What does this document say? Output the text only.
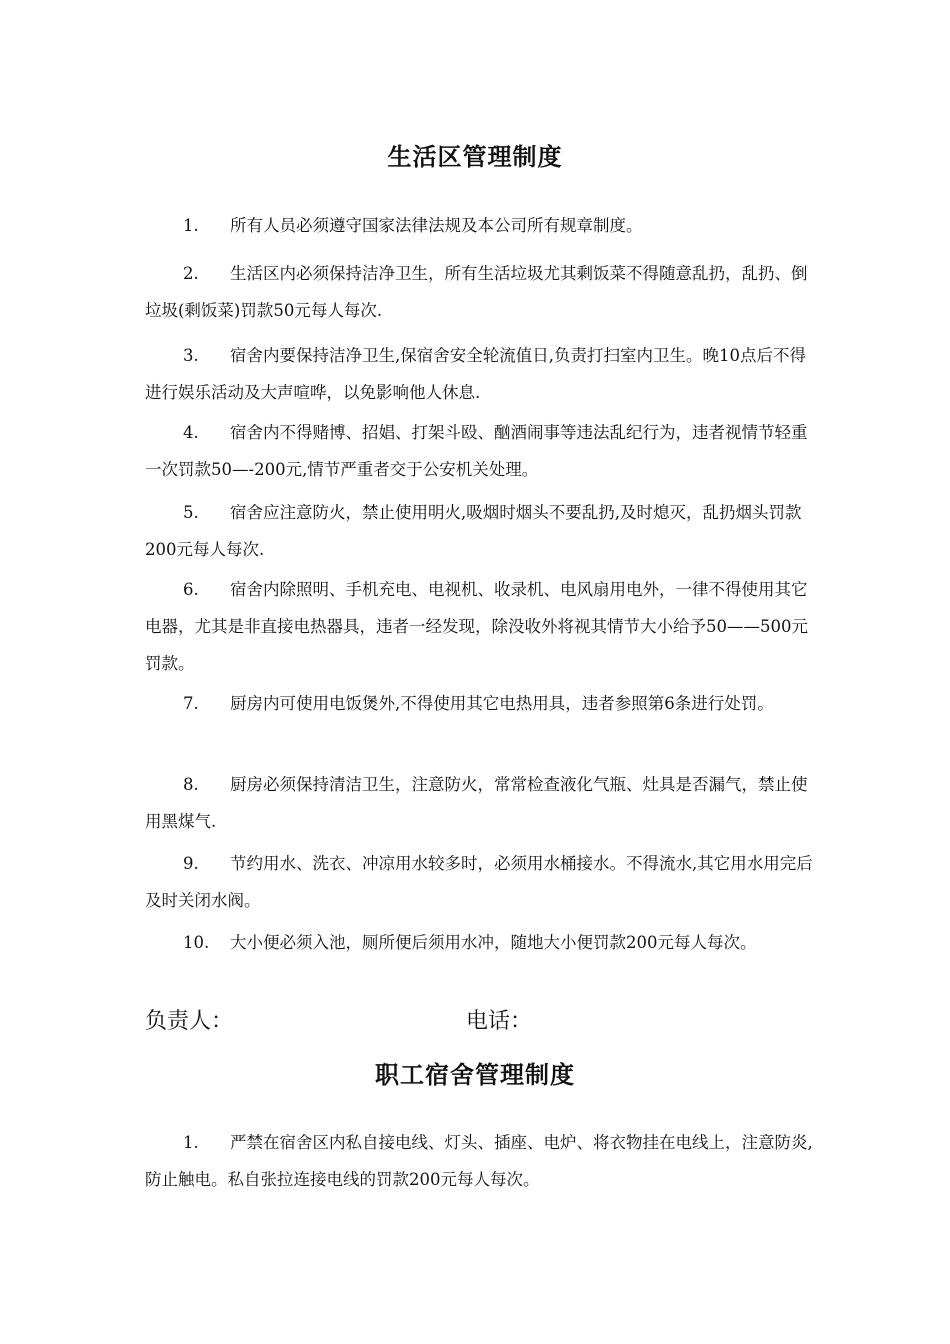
生活区管理制度

1. 所有人员必须遵守国家法律法规及本公司所有规章制度。

2. 生活区内必须保持洁净卫生，所有生活垃圾尤其剩饭菜不得随意乱扔，乱扔、倒垃圾(剩饭菜)罚款50元每人每次.

3. 宿舍内要保持洁净卫生,保宿舍安全轮流值日,负责打扫室内卫生。晚10点后不得进行娱乐活动及大声喧哗，以免影响他人休息.

4. 宿舍内不得赌博、招娼、打架斗殴、酗酒闹事等违法乱纪行为，违者视情节轻重一次罚款50—-200元,情节严重者交于公安机关处理。

5. 宿舍应注意防火，禁止使用明火,吸烟时烟头不要乱扔,及时熄灭，乱扔烟头罚款200元每人每次.

6. 宿舍内除照明、手机充电、电视机、收录机、电风扇用电外，一律不得使用其它电器，尤其是非直接电热器具，违者一经发现，除没收外将视其情节大小给予50——500元罚款。

7. 厨房内可使用电饭煲外,不得使用其它电热用具，违者参照第6条进行处罚。

8. 厨房必须保持清洁卫生，注意防火，常常检查液化气瓶、灶具是否漏气，禁止使用黑煤气.

9. 节约用水、洗衣、冲凉用水较多时，必须用水桶接水。不得流水,其它用水用完后及时关闭水阀。

10. 大小便必须入池，厕所便后须用水冲，随地大小便罚款200元每人每次。

负责人：	电话：
职工宿舍管理制度

1. 严禁在宿舍区内私自接电线、灯头、插座、电炉、将衣物挂在电线上，注意防炎,防止触电。私自张拉连接电线的罚款200元每人每次。
